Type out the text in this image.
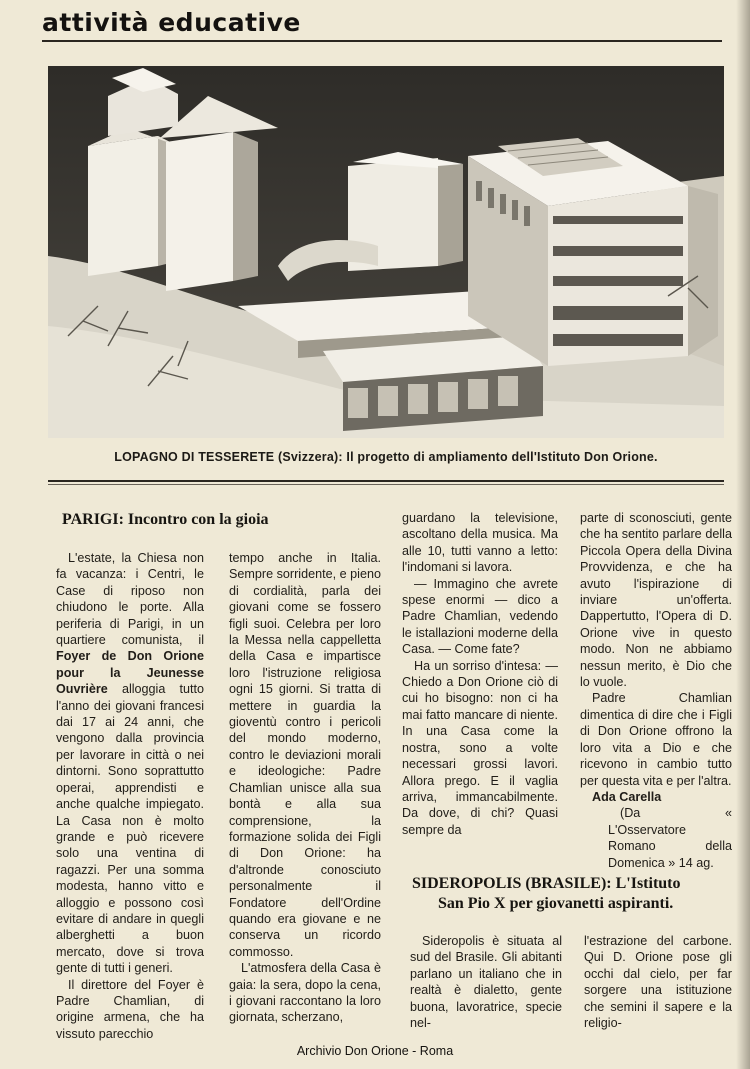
attività educative
LOPAGNO DI TESSERETE (Svizzera): Il progetto di ampliamento dell'Istituto Don Orione.
PARIGI: Incontro con la gioia

L'estate, la Chiesa non fa vacanza: i Centri, le Case di riposo non chiudono le porte. Alla periferia di Parigi, in un quartiere comunista, il Foyer de Don Orione pour la Jeunesse Ouvrière alloggia tutto l'anno dei giovani francesi dai 17 ai 24 anni, che vengono dalla provincia per lavorare in città o nei dintorni. Sono soprattutto operai, apprendisti e anche qualche impiegato. La Casa non è molto grande e può ricevere solo una ventina di ragazzi. Per una somma modesta, hanno vitto e alloggio e possono così evitare di andare in quegli alberghetti a buon mercato, dove si trova gente di tutti i generi.

Il direttore del Foyer è Padre Chamlian, di origine armena, che ha vissuto parecchio

tempo anche in Italia. Sempre sorridente, e pieno di cordialità, parla dei giovani come se fossero figli suoi. Celebra per loro la Messa nella cappelletta della Casa e impartisce loro l'istruzione religiosa ogni 15 giorni. Si tratta di mettere in guardia la gioventù contro i pericoli del mondo moderno, contro le deviazioni morali e ideologiche: Padre Chamlian unisce alla sua bontà e alla sua comprensione, la formazione solida dei Figli di Don Orione: ha d'altronde conosciuto personalmente il Fondatore dell'Ordine quando era giovane e ne conserva un ricordo commosso.

L'atmosfera della Casa è gaia: la sera, dopo la cena, i giovani raccontano la loro giornata, scherzano,

guardano la televisione, ascoltano della musica. Ma alle 10, tutti vanno a letto: l'indomani si lavora.

— Immagino che avrete spese enormi — dico a Padre Chamlian, vedendo le istallazioni moderne della Casa. — Come fate?

Ha un sorriso d'intesa: — Chiedo a Don Orione ciò di cui ho bisogno: non ci ha mai fatto mancare di niente. In una Casa come la nostra, sono a volte necessari grossi lavori. Allora prego. E il vaglia arriva, immancabilmente. Da dove, di chi? Quasi sempre da

parte di sconosciuti, gente che ha sentito parlare della Piccola Opera della Divina Provvidenza, e che ha avuto l'ispirazione di inviare un'offerta. Dappertutto, l'Opera di D. Orione vive in questo modo. Non ne abbiamo nessun merito, è Dio che lo vuole.

Padre Chamlian dimentica di dire che i Figli di Don Orione offrono la loro vita a Dio e che ricevono in cambio tutto per questa vita e per l'altra.

Ada Carella

(Da « L'Osservatore Romano della Domenica » 14 ag.

SIDEROPOLIS (BRASILE): L'Istituto
San Pio X per giovanetti aspiranti.

Sideropolis è situata al sud del Brasile. Gli abitanti parlano un italiano che in realtà è dialetto, gente buona, lavoratrice, specie nel-

l'estrazione del carbone. Qui D. Orione pose gli occhi dal cielo, per far sorgere una istituzione che semini il sapere e la religio-

Archivio Don Orione - Roma
